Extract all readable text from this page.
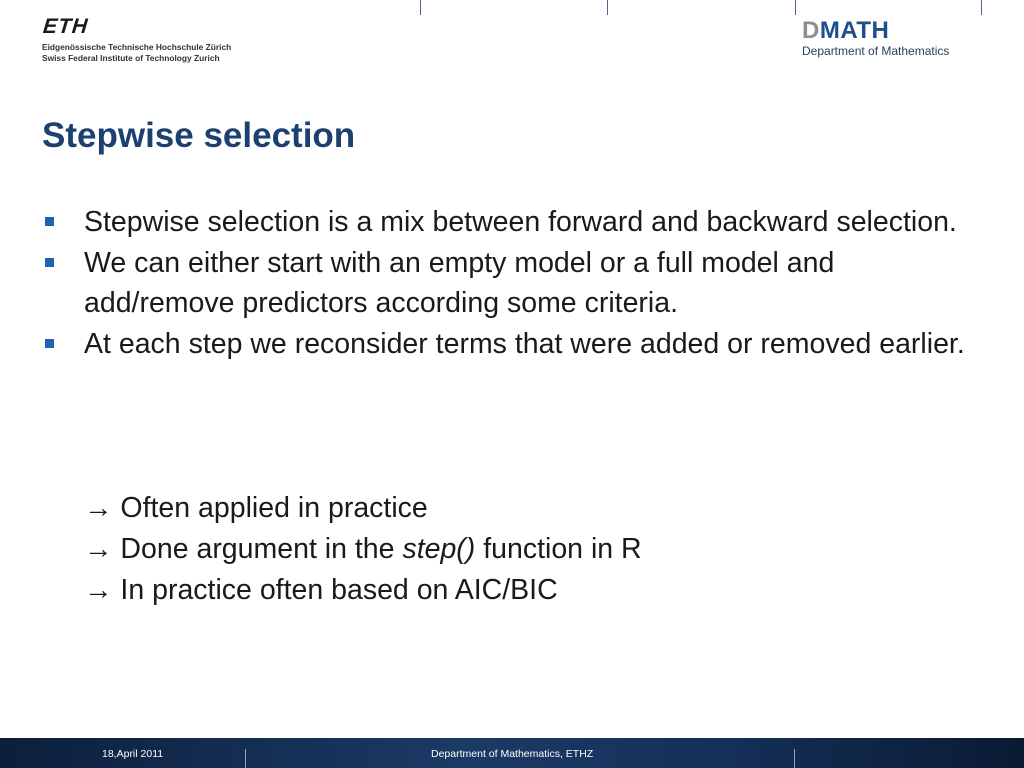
ETH
Eidgenössische Technische Hochschule Zürich
Swiss Federal Institute of Technology Zurich
DMATH
Department of Mathematics
Stepwise selection
Stepwise selection is a mix between forward and backward selection.
We can either start with an empty model or a full model and add/remove predictors according some criteria.
At each step we reconsider terms that were added or removed earlier.
→ Often applied in practice
→ Done argument in the step() function in R
→ In practice often based on AIC/BIC
18,April 2011	Department of Mathematics, ETHZ
